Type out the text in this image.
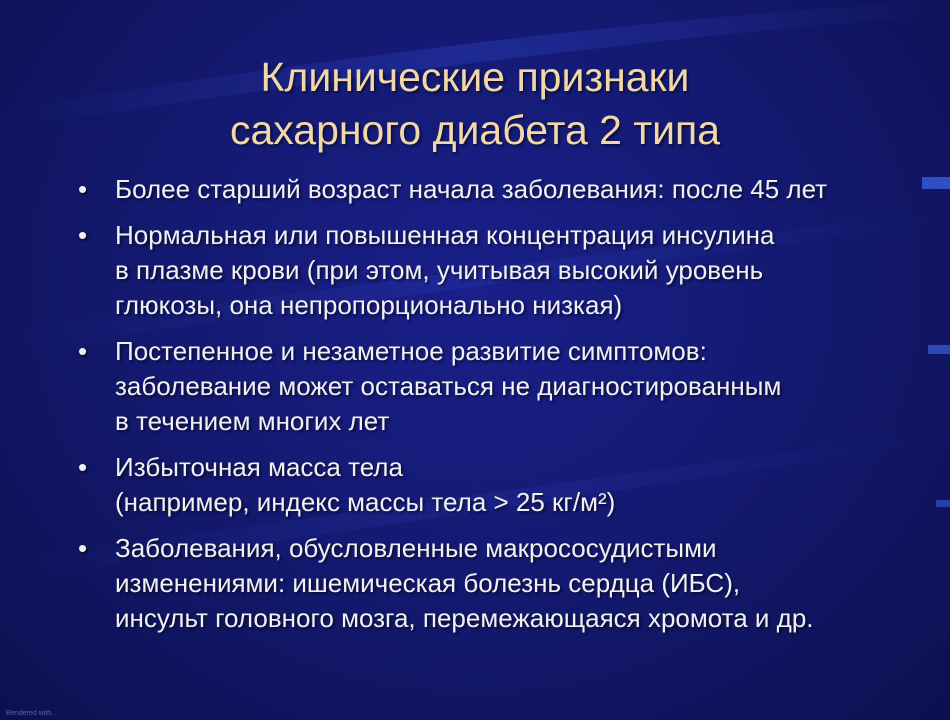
Клинические признаки
сахарного диабета 2 типа
• Более старший возраст начала заболевания: после 45 лет
• Нормальная или повышенная концентрация инсулина
в плазме крови (при этом, учитывая высокий уровень
глюкозы, она непропорционально низкая)
• Постепенное и незаметное развитие симптомов:
заболевание может оставаться не диагностированным
в течением многих лет
• Избыточная масса тела
(например, индекс массы тела > 25 кг/м²)
• Заболевания, обусловленные макрососудистыми
изменениями: ишемическая болезнь сердца (ИБС),
инсульт головного мозга, перемежающаяся хромота и др.
Rendered with...
